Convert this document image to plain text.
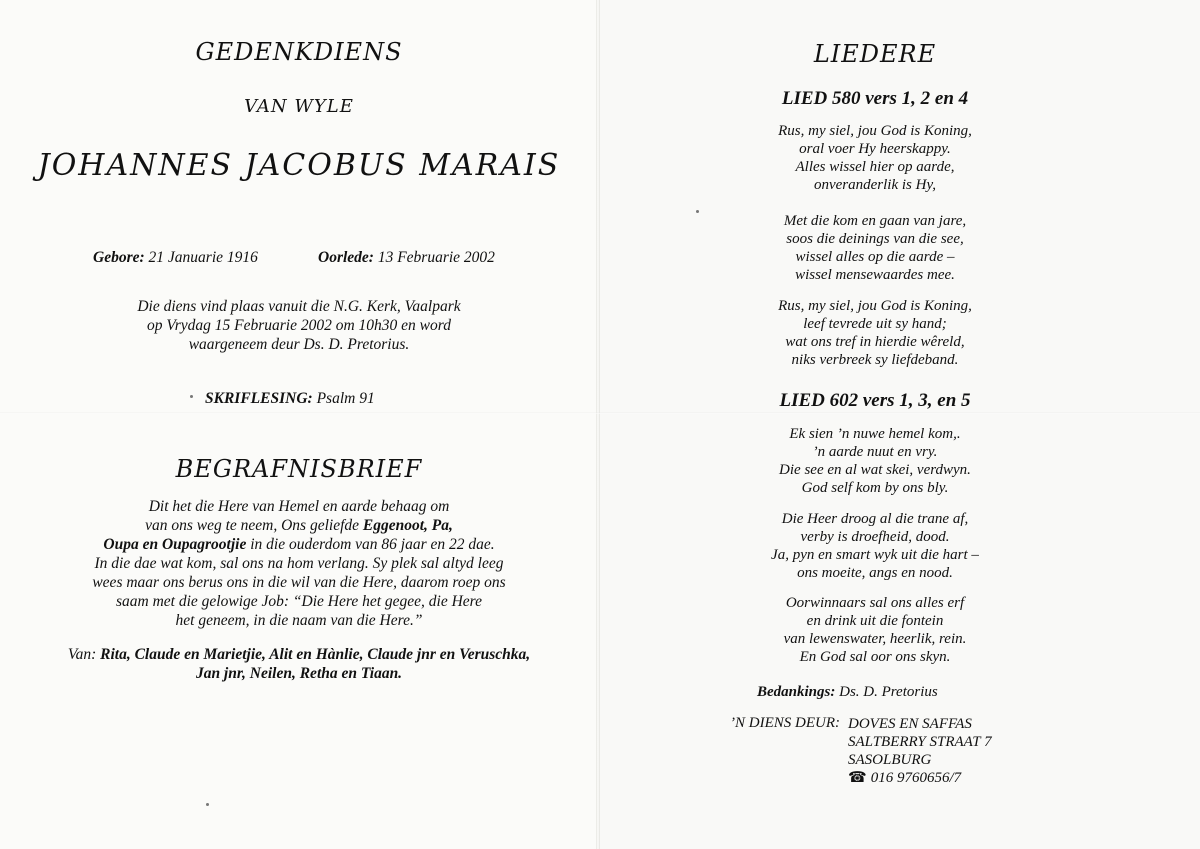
GEDENKDIENS
VAN WYLE
JOHANNES JACOBUS MARAIS
Gebore: 21 Januarie 1916	Oorlede: 13 Februarie 2002
Die diens vind plaas vanuit die N.G. Kerk, Vaalpark
op Vrydag 15 Februarie 2002 om 10h30 en word
waargeneem deur Ds. D. Pretorius.
SKRIFLESING: Psalm 91
BEGRAFNISBRIEF
Dit het die Here van Hemel en aarde behaag om
van ons weg te neem, Ons geliefde Eggenoot, Pa,
Oupa en Oupagrootjie in die ouderdom van 86 jaar en 22 dae.
In die dae wat kom, sal ons na hom verlang. Sy plek sal altyd leeg
wees maar ons berus ons in die wil van die Here, daarom roep ons
saam met die gelowige Job: “Die Here het gegee, die Here
het geneem, in die naam van die Here.”
Van: Rita, Claude en Marietjie, Alit en Hànlie, Claude jnr en Veruschka,
Jan jnr, Neilen, Retha en Tiaan.
LIEDERE
LIED 580 vers 1, 2 en 4
Rus, my siel, jou God is Koning,
oral voer Hy heerskappy.
Alles wissel hier op aarde,
onveranderlik is Hy,
Met die kom en gaan van jare,
soos die deinings van die see,
wissel alles op die aarde –
wissel mensewaardes mee.
Rus, my siel, jou God is Koning,
leef tevrede uit sy hand;
wat ons tref in hierdie wêreld,
niks verbreek sy liefdeband.
LIED 602 vers 1, 3, en 5
Ek sien ’n nuwe hemel kom,.
’n aarde nuut en vry.
Die see en al wat skei, verdwyn.
God self kom by ons bly.
Die Heer droog al die trane af,
verby is droefheid, dood.
Ja, pyn en smart wyk uit die hart –
ons moeite, angs en nood.
Oorwinnaars sal ons alles erf
en drink uit die fontein
van lewenswater, heerlik, rein.
En God sal oor ons skyn.
Bedankings: Ds. D. Pretorius
’N DIENS DEUR: DOVES EN SAFFAS
SALTBERRY STRAAT 7
SASOLBURG
☎ 016 9760656/7
